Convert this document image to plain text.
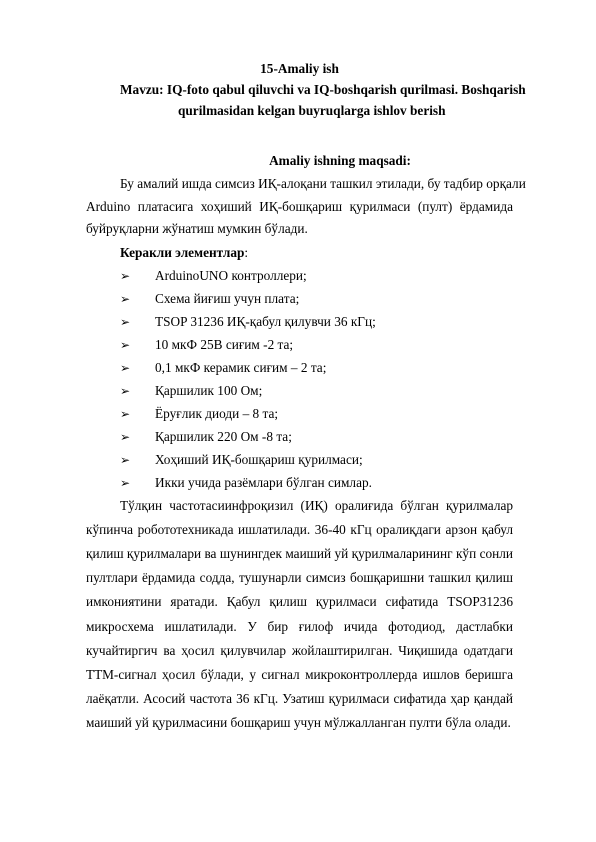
15-Amaliy ish
Mavzu: IQ-foto qabul qiluvchi va IQ-boshqarish qurilmasi. Boshqarish
qurilmasidan kelgan buyruqlarga ishlov berish
Amaliy ishning maqsadi:
Бу амалий ишда симсиз ИҚ-алоқани ташкил этилади, бу тадбир орқали
Arduino платасига хоҳиший ИҚ-бошқариш қурилмаси (пулт) ёрдамида
буйруқларни жўнатиш мумкин бўлади.
Керакли элементлар:
➢ ArduinoUNO контроллери;
➢ Схема йиғиш учун плата;
➢ TSOP 31236 ИҚ-қабул қилувчи 36 кГц;
➢ 10 мкФ 25В сиғим -2 та;
➢ 0,1 мкФ керамик сиғим – 2 та;
➢ Қаршилик 100 Ом;
➢ Ёруғлик диоди – 8 та;
➢ Қаршилик 220 Ом -8 та;
➢ Хоҳиший ИҚ-бошқариш қурилмаси;
➢ Икки учида разёмлари бўлган симлар.
Тўлқин частотасиинфроқизил (ИҚ) оралиғида бўлган қурилмалар
кўпинча робототехникада ишлатилади. 36-40 кГц оралиқдаги арзон қабул
қилиш қурилмалари ва шунингдек маиший уй қурилмаларининг кўп сонли
пултлари ёрдамида содда, тушунарли симсиз бошқаришни ташкил қилиш
имкониятини яратади. Қабул қилиш қурилмаси сифатида TSOP31236
микросхема ишлатилади. У бир ғилоф ичида фотодиод, дастлабки
кучайтиргич ва ҳосил қилувчилар жойлаштирилган. Чиқишида одатдаги
ТТМ-сигнал ҳосил бўлади, у сигнал микроконтроллерда ишлов беришга
лаёқатли. Асосий частота 36 кГц. Узатиш қурилмаси сифатида ҳар қандай
маиший уй қурилмасини бошқариш учун мўлжалланган пулти бўла олади.
